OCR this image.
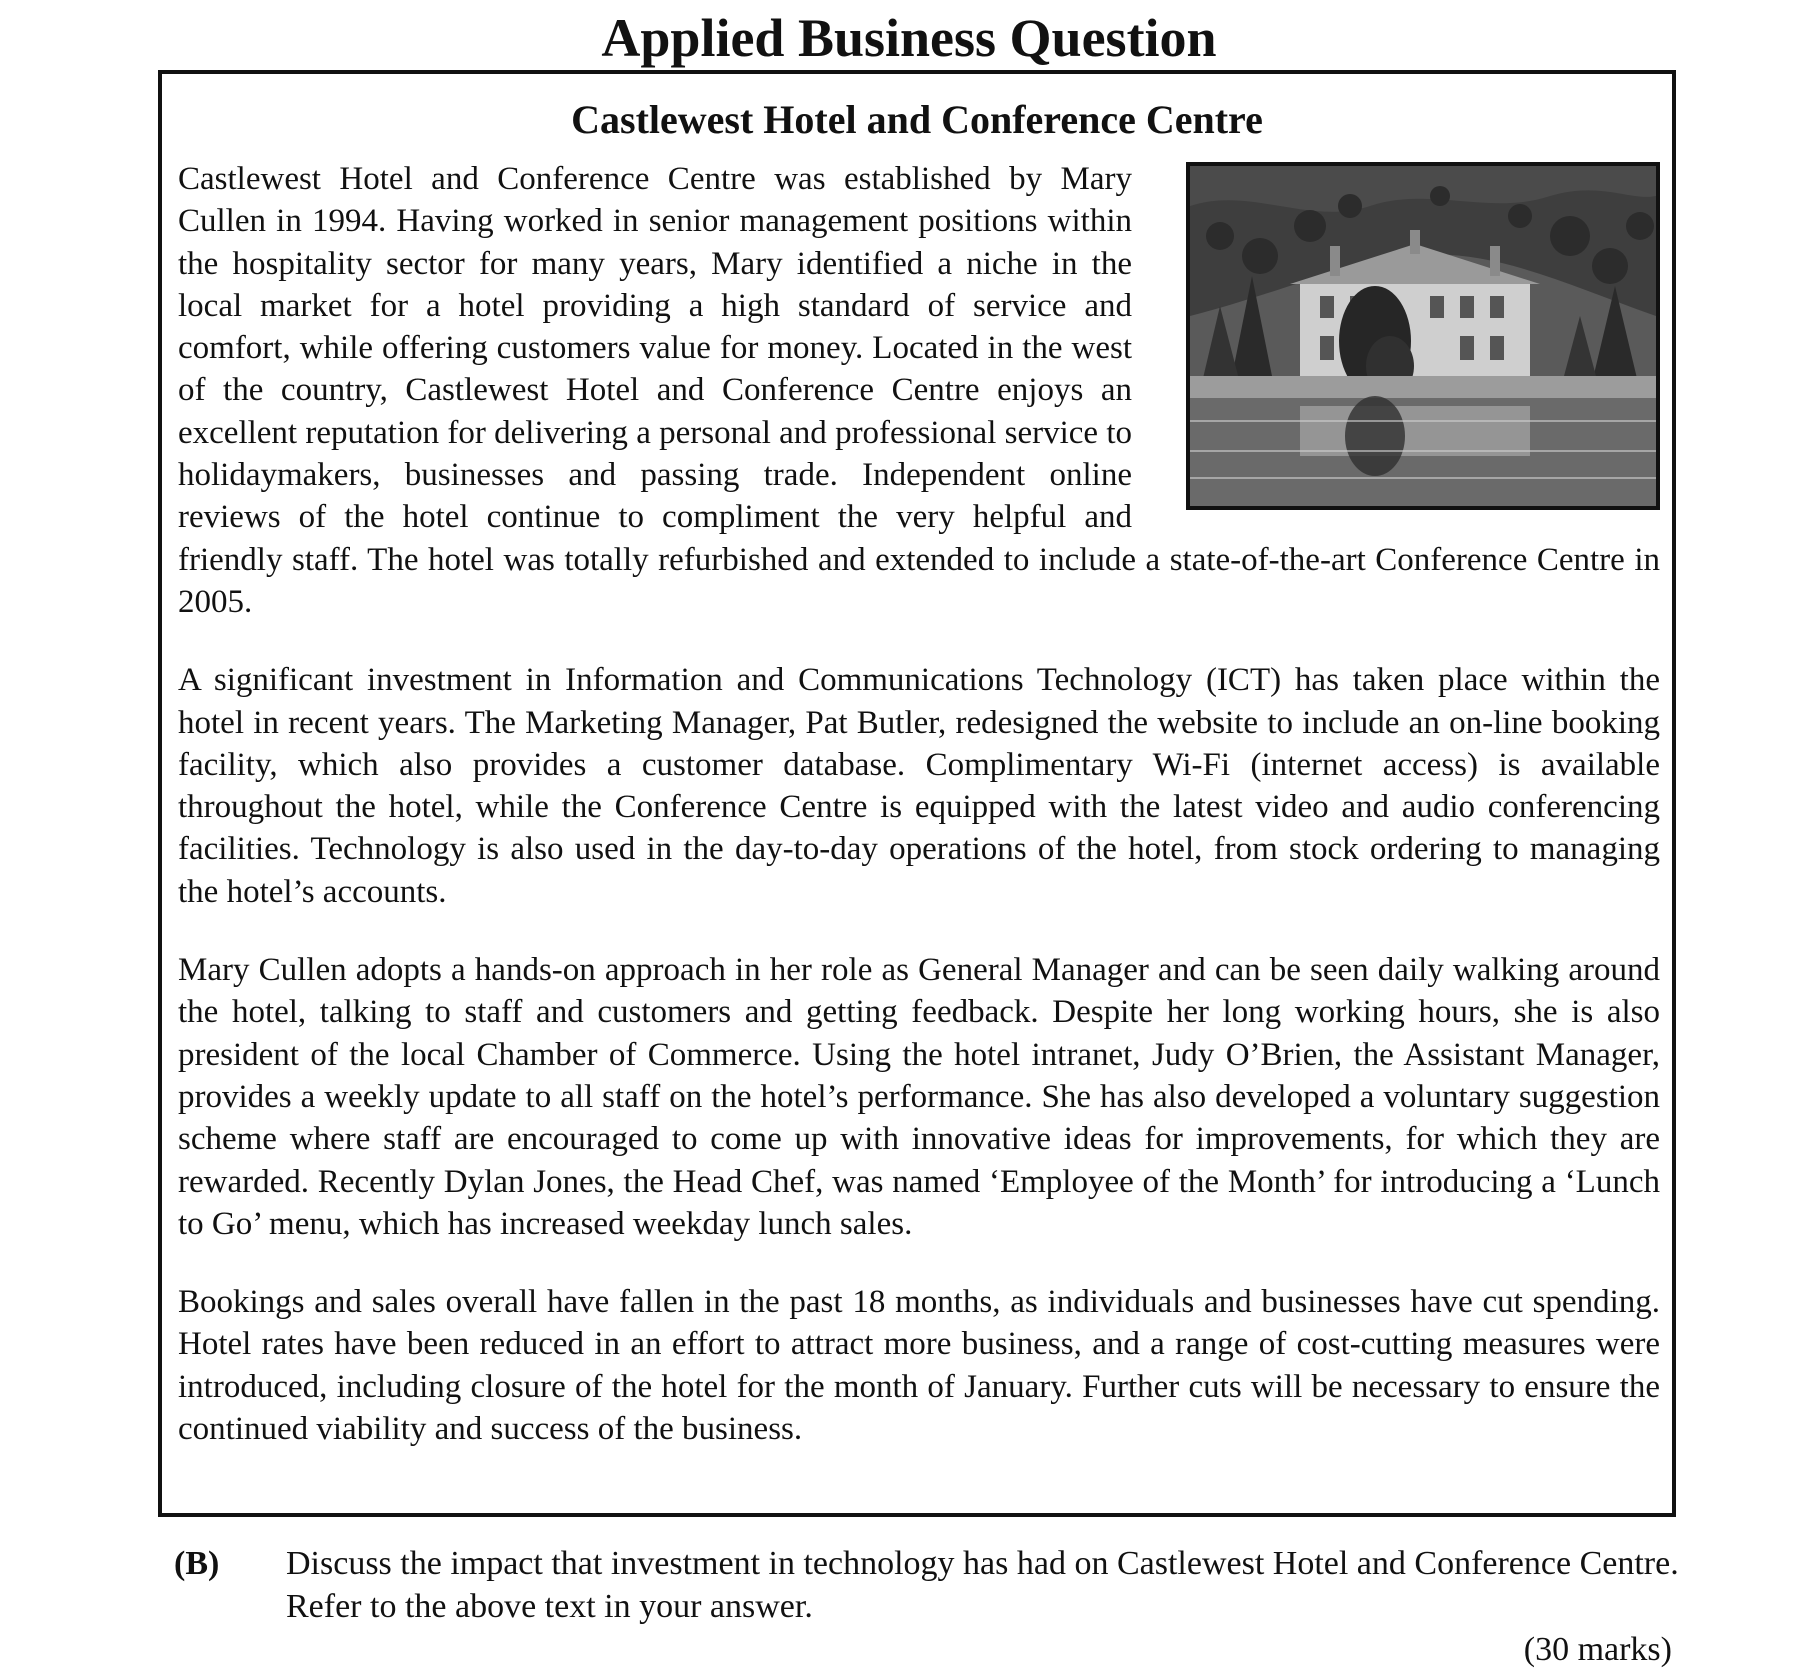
Applied Business Question
Castlewest Hotel and Conference Centre

Castlewest Hotel and Conference Centre was established by Mary Cullen in 1994. Having worked in senior management positions within the hospitality sector for many years, Mary identified a niche in the local market for a hotel providing a high standard of service and comfort, while offering customers value for money. Located in the west of the country, Castlewest Hotel and Conference Centre enjoys an excellent reputation for delivering a personal and professional service to holidaymakers, businesses and passing trade. Independent online reviews of the hotel continue to compliment the very helpful and friendly staff. The hotel was totally refurbished and extended to include a state-of-the-art Conference Centre in 2005.

A significant investment in Information and Communications Technology (ICT) has taken place within the hotel in recent years. The Marketing Manager, Pat Butler, redesigned the website to include an on-line booking facility, which also provides a customer database. Complimentary Wi-Fi (internet access) is available throughout the hotel, while the Conference Centre is equipped with the latest video and audio conferencing facilities. Technology is also used in the day-to-day operations of the hotel, from stock ordering to managing the hotel’s accounts.

Mary Cullen adopts a hands-on approach in her role as General Manager and can be seen daily walking around the hotel, talking to staff and customers and getting feedback. Despite her long working hours, she is also president of the local Chamber of Commerce. Using the hotel intranet, Judy O’Brien, the Assistant Manager, provides a weekly update to all staff on the hotel’s performance. She has also developed a voluntary suggestion scheme where staff are encouraged to come up with innovative ideas for improvements, for which they are rewarded. Recently Dylan Jones, the Head Chef, was named ‘Employee of the Month’ for introducing a ‘Lunch to Go’ menu, which has increased weekday lunch sales.

Bookings and sales overall have fallen in the past 18 months, as individuals and businesses have cut spending. Hotel rates have been reduced in an effort to attract more business, and a range of cost-cutting measures were introduced, including closure of the hotel for the month of January. Further cuts will be necessary to ensure the continued viability and success of the business.

(B) Discuss the impact that investment in technology has had on Castlewest Hotel and Conference Centre. Refer to the above text in your answer.
(30 marks)
